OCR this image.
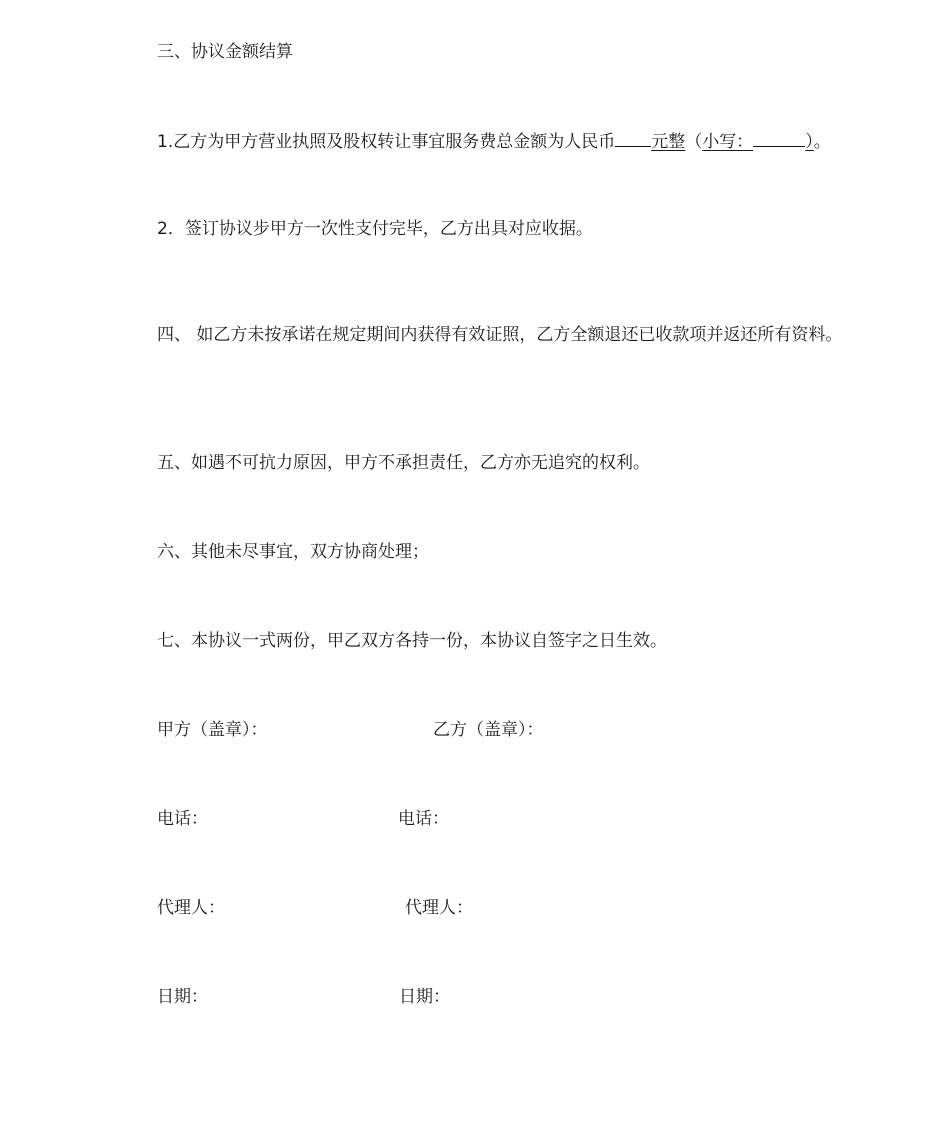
三、协议金额结算
1.乙方为甲方营业执照及股权转让事宜服务费总金额为人民币 元整（小写：	）。
2．签订协议步甲方一次性支付完毕，乙方出具对应收据。
四、 如乙方未按承诺在规定期间内获得有效证照，乙方全额退还已收款项并返还所有资料。
五、如遇不可抗力原因，甲方不承担责任，乙方亦无追究的权利。
六、其他未尽事宜，双方协商处理；
七、本协议一式两份，甲乙双方各持一份，本协议自签字之日生效。
甲方（盖章）：	乙方（盖章）：
电话：	电话：
代理人：	代理人：
日期：	日期：
